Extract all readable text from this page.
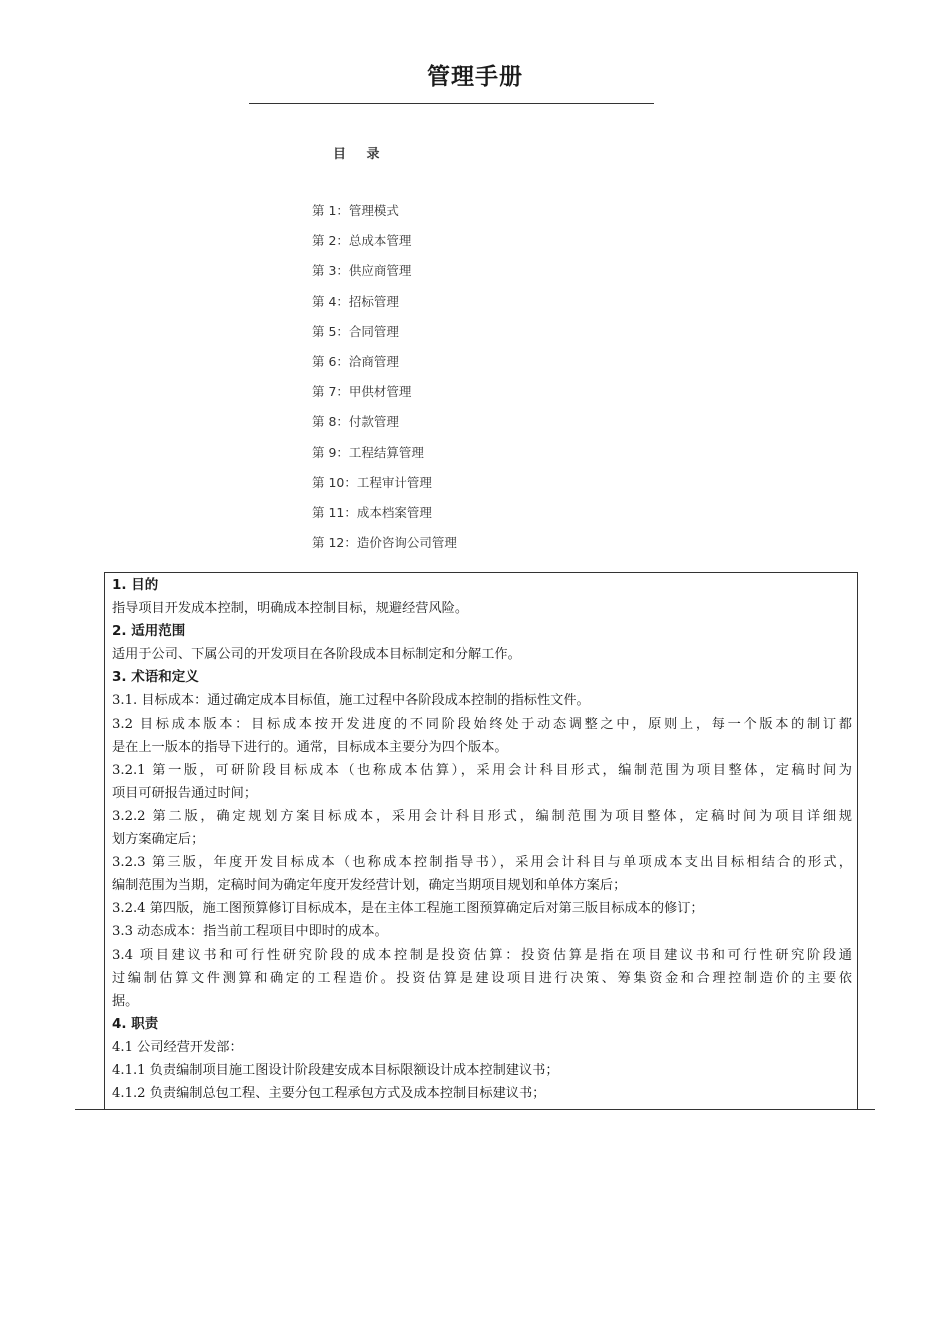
管理手册
目 录
第 1：管理模式
第 2：总成本管理
第 3：供应商管理
第 4：招标管理
第 5：合同管理
第 6：洽商管理
第 7：甲供材管理
第 8：付款管理
第 9：工程结算管理
第 10：工程审计管理
第 11：成本档案管理
第 12：造价咨询公司管理
1. 目的
指导项目开发成本控制，明确成本控制目标，规避经营风险。
2. 适用范围
适用于公司、下属公司的开发项目在各阶段成本目标制定和分解工作。
3. 术语和定义
3.1. 目标成本：通过确定成本目标值，施工过程中各阶段成本控制的指标性文件。
3.2 目标成本版本：目标成本按开发进度的不同阶段始终处于动态调整之中，原则上，每一个版本的制订都
是在上一版本的指导下进行的。通常，目标成本主要分为四个版本。
3.2.1 第一版，可研阶段目标成本（也称成本估算），采用会计科目形式，编制范围为项目整体，定稿时间为
项目可研报告通过时间；
3.2.2 第二版，确定规划方案目标成本，采用会计科目形式，编制范围为项目整体，定稿时间为项目详细规
划方案确定后；
3.2.3 第三版，年度开发目标成本（也称成本控制指导书），采用会计科目与单项成本支出目标相结合的形式，
编制范围为当期，定稿时间为确定年度开发经营计划，确定当期项目规划和单体方案后；
3.2.4 第四版，施工图预算修订目标成本，是在主体工程施工图预算确定后对第三版目标成本的修订；
3.3 动态成本：指当前工程项目中即时的成本。
3.4 项目建议书和可行性研究阶段的成本控制是投资估算：投资估算是指在项目建议书和可行性研究阶段通
过编制估算文件测算和确定的工程造价。投资估算是建设项目进行决策、筹集资金和合理控制造价的主要依
据。
4. 职责
4.1 公司经营开发部：
4.1.1 负责编制项目施工图设计阶段建安成本目标限额设计成本控制建议书；
4.1.2 负责编制总包工程、主要分包工程承包方式及成本控制目标建议书；
